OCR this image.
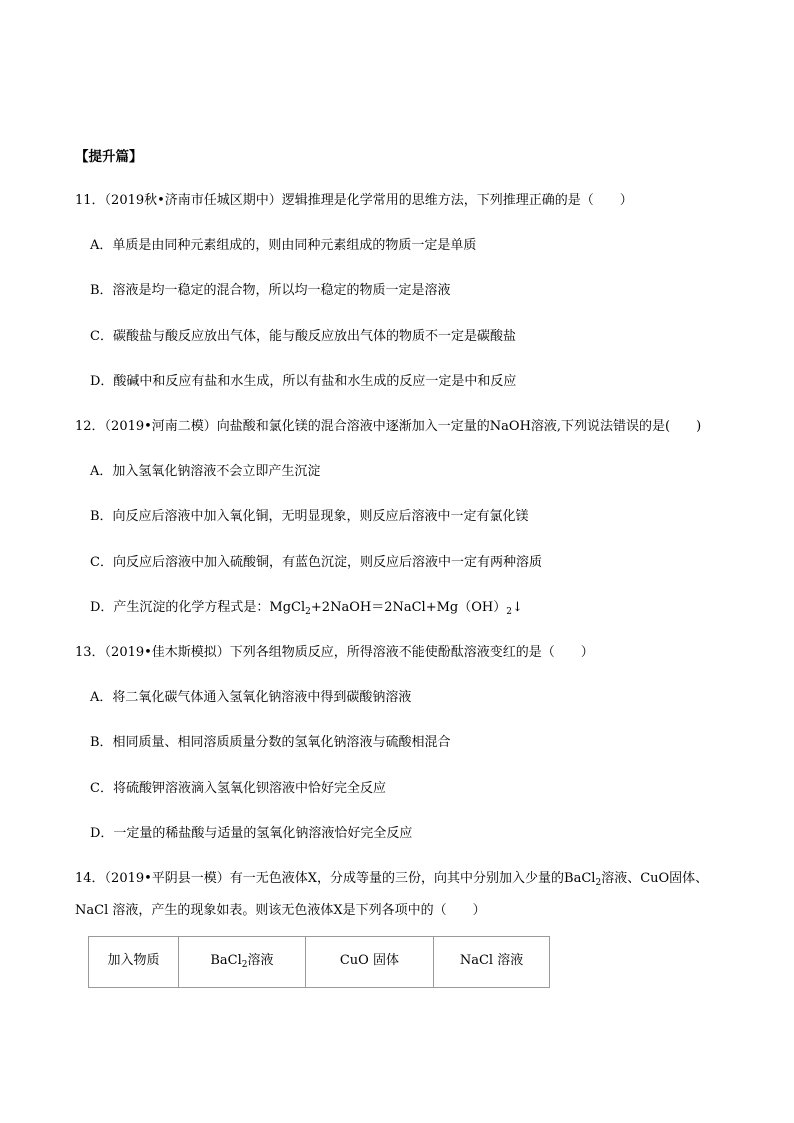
【提升篇】
11．（2019秋•济南市任城区期中）逻辑推理是化学常用的思维方法，下列推理正确的是（　　）
A．单质是由同种元素组成的，则由同种元素组成的物质一定是单质
B．溶液是均一稳定的混合物，所以均一稳定的物质一定是溶液
C．碳酸盐与酸反应放出气体，能与酸反应放出气体的物质不一定是碳酸盐
D．酸碱中和反应有盐和水生成，所以有盐和水生成的反应一定是中和反应
12．（2019•河南二模）向盐酸和氯化镁的混合溶液中逐渐加入一定量的NaOH溶液,下列说法错误的是(　　)
A．加入氢氧化钠溶液不会立即产生沉淀
B．向反应后溶液中加入氧化铜，无明显现象，则反应后溶液中一定有氯化镁
C．向反应后溶液中加入硫酸铜，有蓝色沉淀，则反应后溶液中一定有两种溶质
D．产生沉淀的化学方程式是：$MgCl_2+2NaOH=2NaCl+Mg(OH)_2↓$
13．（2019•佳木斯模拟）下列各组物质反应，所得溶液不能使酚酞溶液变红的是（　　）
A．将二氧化碳气体通入氢氧化钠溶液中得到碳酸钠溶液
B．相同质量、相同溶质质量分数的氢氧化钠溶液与硫酸相混合
C．将硫酸钾溶液滴入氢氧化钡溶液中恰好完全反应
D．一定量的稀盐酸与适量的氢氧化钠溶液恰好完全反应
14．（2019•平阴县一模）有一无色液体X，分成等量的三份，向其中分别加入少量的BaCl$_2$溶液、CuO固体、
NaCl 溶液，产生的现象如表。则该无色液体X是下列各项中的（　　）
加入物质	BaCl$_2$溶液	CuO 固体	NaCl 溶液
